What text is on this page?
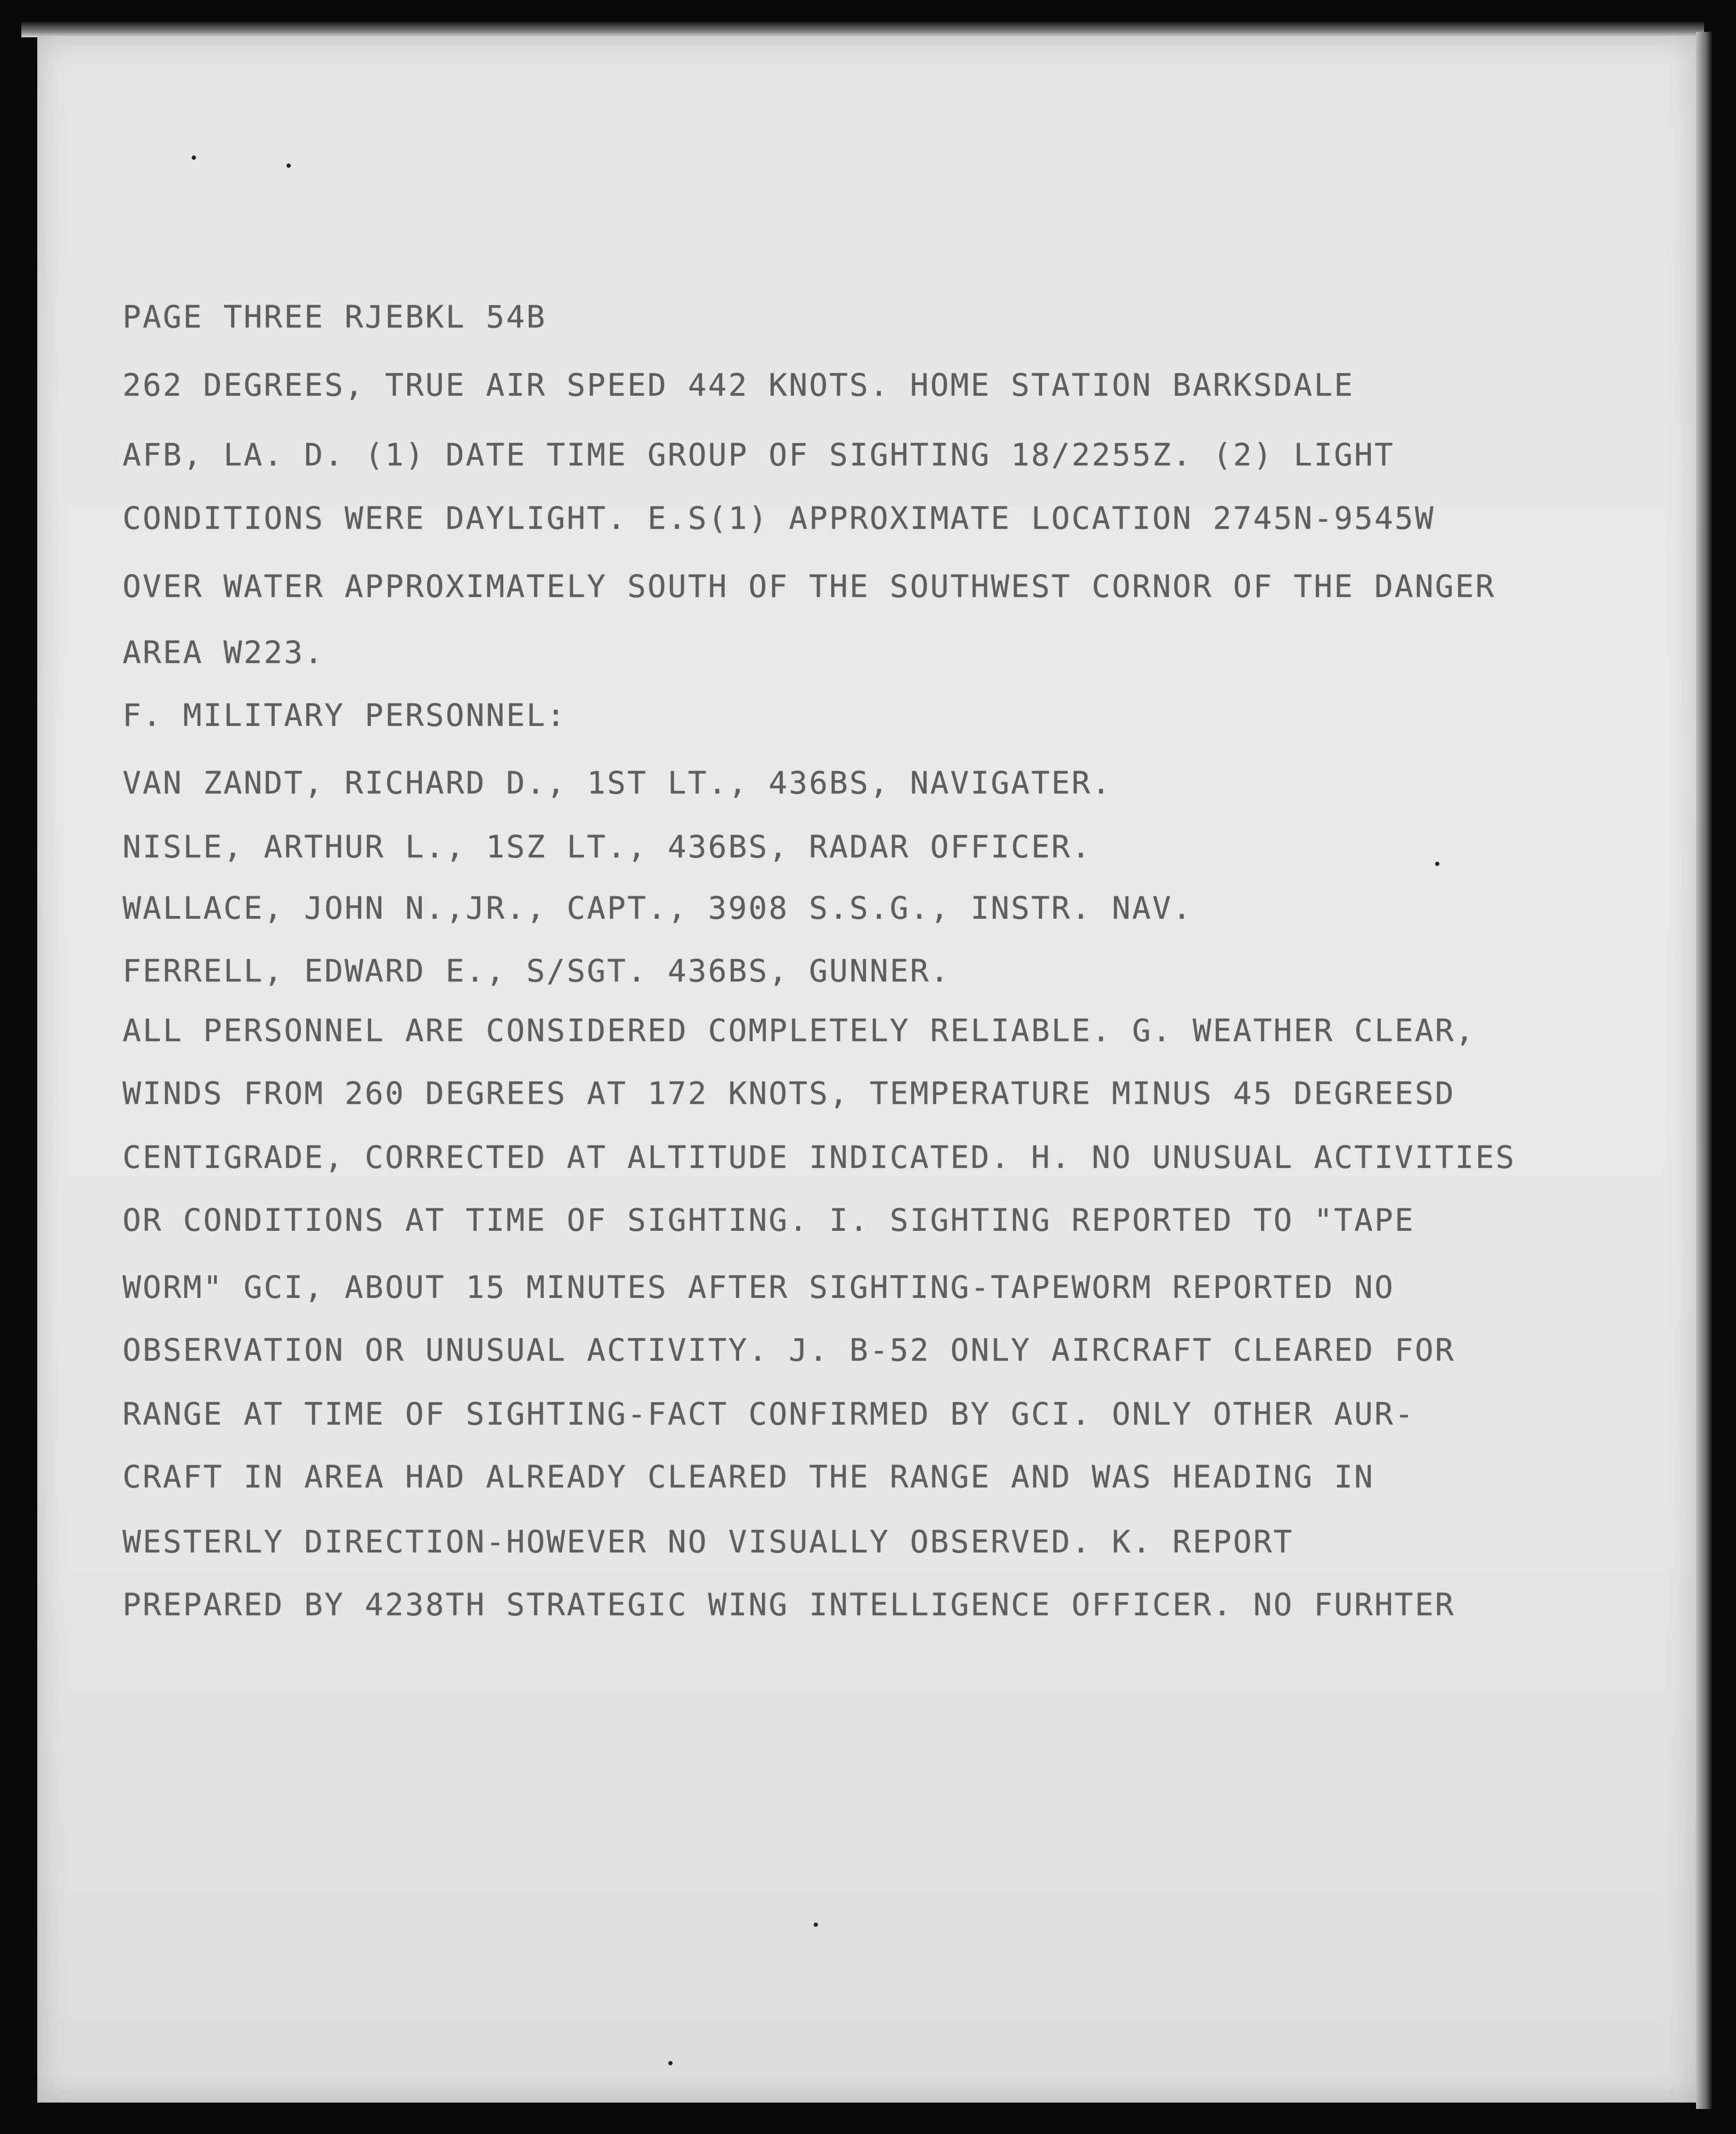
PAGE THREE RJEBKL 54B
262 DEGREES, TRUE AIR SPEED 442 KNOTS. HOME STATION BARKSDALE
AFB, LA. D. (1) DATE TIME GROUP OF SIGHTING 18/2255Z. (2) LIGHT
CONDITIONS WERE DAYLIGHT. E.S(1) APPROXIMATE LOCATION 2745N-9545W
OVER WATER APPROXIMATELY SOUTH OF THE SOUTHWEST CORNOR OF THE DANGER
AREA W223.
F. MILITARY PERSONNEL:
VAN ZANDT, RICHARD D., 1ST LT., 436BS, NAVIGATER.
NISLE, ARTHUR L., 1SZ LT., 436BS, RADAR OFFICER.
WALLACE, JOHN N.,JR., CAPT., 3908 S.S.G., INSTR. NAV.
FERRELL, EDWARD E., S/SGT. 436BS, GUNNER.
ALL PERSONNEL ARE CONSIDERED COMPLETELY RELIABLE. G. WEATHER CLEAR,
WINDS FROM 260 DEGREES AT 172 KNOTS, TEMPERATURE MINUS 45 DEGREESD
CENTIGRADE, CORRECTED AT ALTITUDE INDICATED. H. NO UNUSUAL ACTIVITIES
OR CONDITIONS AT TIME OF SIGHTING. I. SIGHTING REPORTED TO "TAPE
WORM" GCI, ABOUT 15 MINUTES AFTER SIGHTING-TAPEWORM REPORTED NO
OBSERVATION OR UNUSUAL ACTIVITY. J. B-52 ONLY AIRCRAFT CLEARED FOR
RANGE AT TIME OF SIGHTING-FACT CONFIRMED BY GCI. ONLY OTHER AUR-
CRAFT IN AREA HAD ALREADY CLEARED THE RANGE AND WAS HEADING IN
WESTERLY DIRECTION-HOWEVER NO VISUALLY OBSERVED. K. REPORT
PREPARED BY 4238TH STRATEGIC WING INTELLIGENCE OFFICER. NO FURHTER
